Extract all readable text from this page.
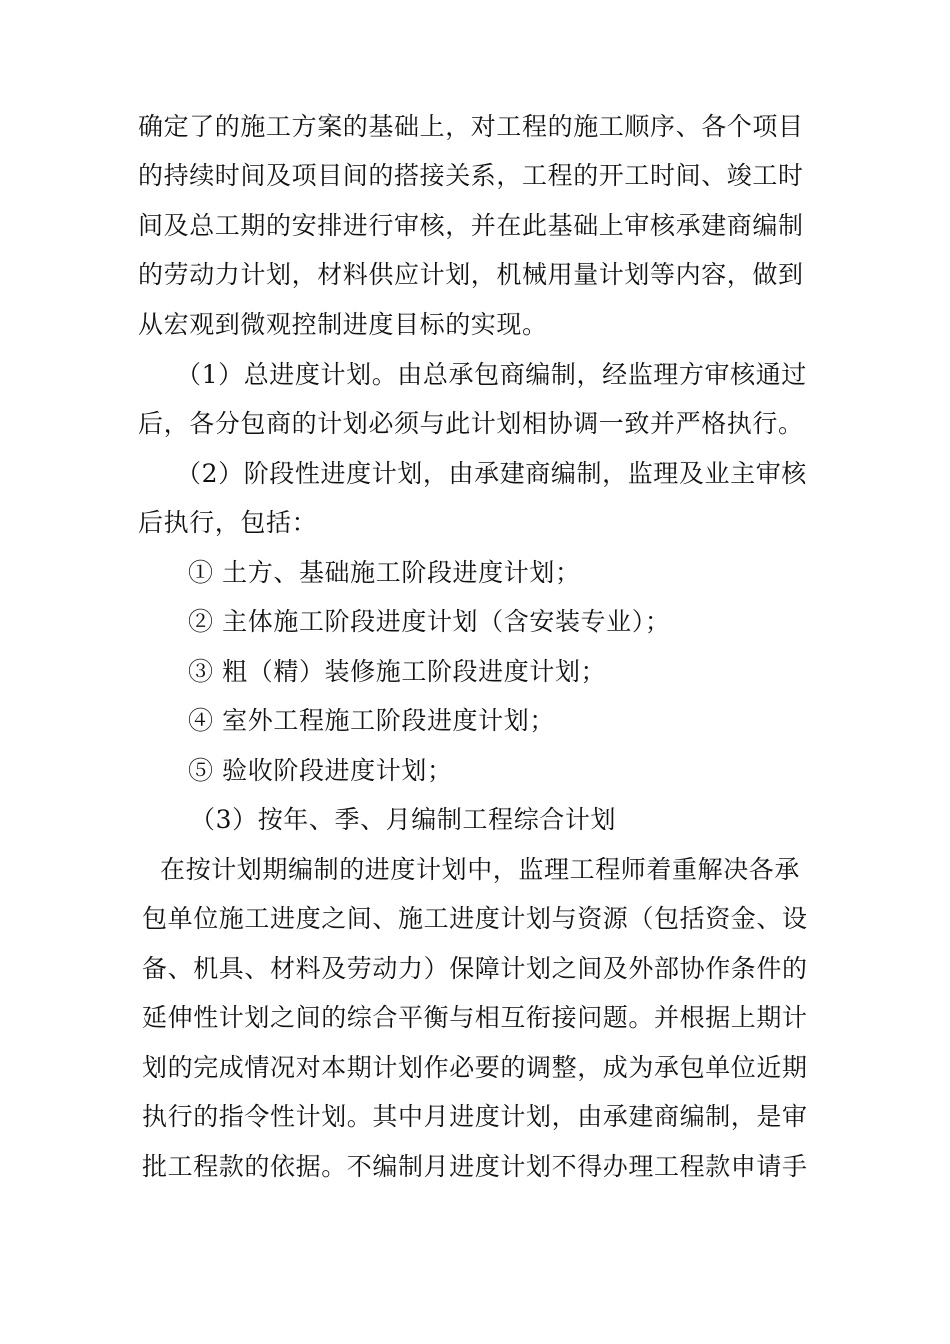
确定了的施工方案的基础上，对工程的施工顺序、各个项目
的持续时间及项目间的搭接关系，工程的开工时间、竣工时
间及总工期的安排进行审核，并在此基础上审核承建商编制
的劳动力计划，材料供应计划，机械用量计划等内容，做到
从宏观到微观控制进度目标的实现。
（1）总进度计划。由总承包商编制，经监理方审核通过
后，各分包商的计划必须与此计划相协调一致并严格执行。
（2）阶段性进度计划，由承建商编制，监理及业主审核
后执行，包括：
① 土方、基础施工阶段进度计划；
② 主体施工阶段进度计划（含安装专业）；
③ 粗（精）装修施工阶段进度计划；
④ 室外工程施工阶段进度计划；
⑤ 验收阶段进度计划；
（3）按年、季、月编制工程综合计划
在按计划期编制的进度计划中，监理工程师着重解决各承
包单位施工进度之间、施工进度计划与资源（包括资金、设
备、机具、材料及劳动力）保障计划之间及外部协作条件的
延伸性计划之间的综合平衡与相互衔接问题。并根据上期计
划的完成情况对本期计划作必要的调整，成为承包单位近期
执行的指令性计划。其中月进度计划，由承建商编制，是审
批工程款的依据。不编制月进度计划不得办理工程款申请手
